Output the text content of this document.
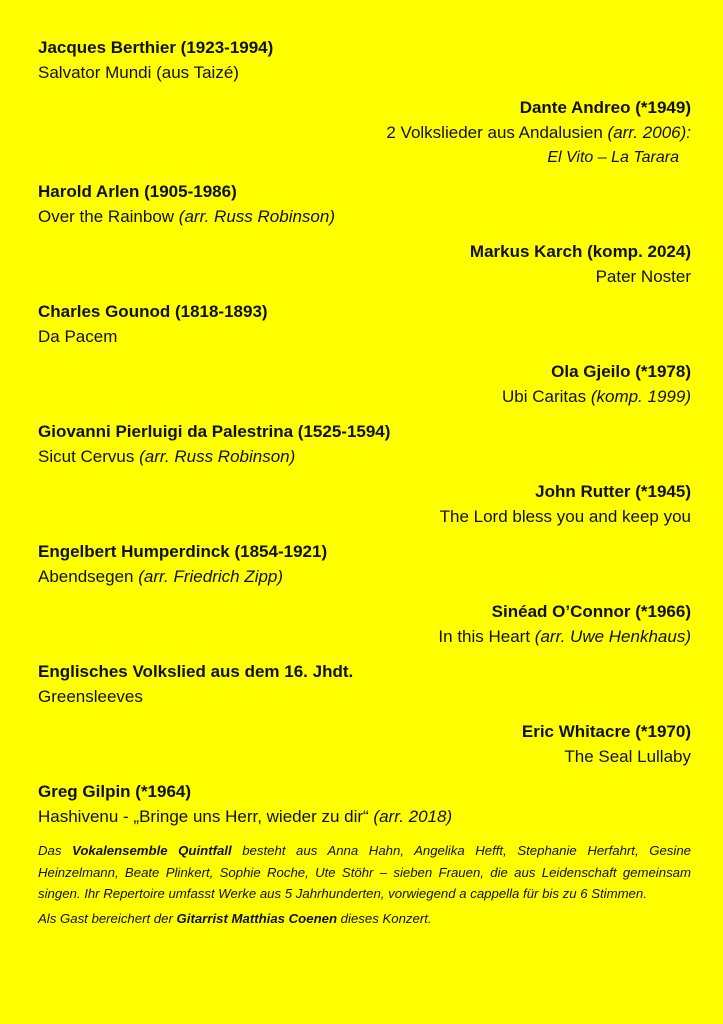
Jacques Berthier (1923-1994)
Salvator Mundi (aus Taizé)
Dante Andreo (*1949)
2 Volkslieder aus Andalusien (arr. 2006):
El Vito – La Tarara
Harold Arlen (1905-1986)
Over the Rainbow (arr. Russ Robinson)
Markus Karch (komp. 2024)
Pater Noster
Charles Gounod (1818-1893)
Da Pacem
Ola Gjeilo (*1978)
Ubi Caritas (komp. 1999)
Giovanni Pierluigi da Palestrina (1525-1594)
Sicut Cervus (arr. Russ Robinson)
John Rutter (*1945)
The Lord bless you and keep you
Engelbert Humperdinck (1854-1921)
Abendsegen (arr. Friedrich Zipp)
Sinéad O’Connor (*1966)
In this Heart (arr. Uwe Henkhaus)
Englisches Volkslied aus dem 16. Jhdt.
Greensleeves
Eric Whitacre (*1970)
The Seal Lullaby
Greg Gilpin (*1964)
Hashivenu - „Bringe uns Herr, wieder zu dir“ (arr. 2018)

Das Vokalensemble Quintfall besteht aus Anna Hahn, Angelika Hefft, Stephanie Herfahrt, Gesine Heinzelmann, Beate Plinkert, Sophie Roche, Ute Stöhr – sieben Frauen, die aus Leidenschaft gemeinsam singen. Ihr Repertoire umfasst Werke aus 5 Jahrhunderten, vorwiegend a cappella für bis zu 6 Stimmen.

Als Gast bereichert der Gitarrist Matthias Coenen dieses Konzert.
